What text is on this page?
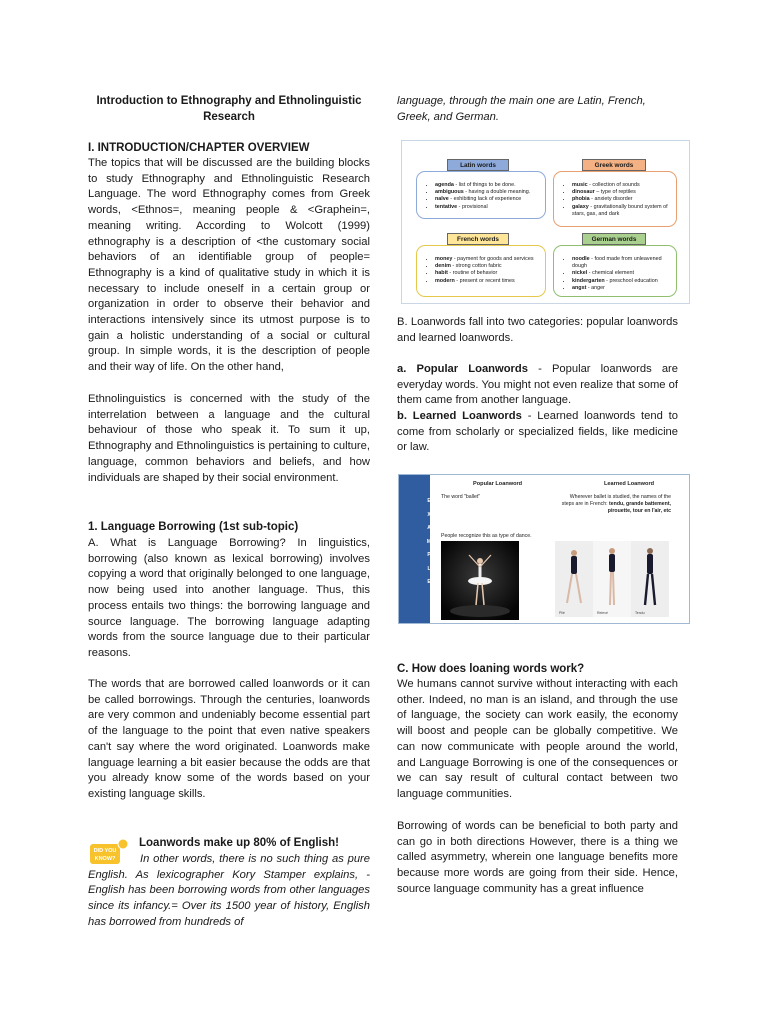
Introduction to Ethnography and Ethnolinguistic Research
I. INTRODUCTION/CHAPTER OVERVIEW
The topics that will be discussed are the building blocks to study Ethnography and Ethnolinguistic Research Language. The word Ethnography comes from Greek words, <Ethnos=, meaning people & <Graphein=, meaning writing. According to Wolcott (1999) ethnography is a description of <the customary social behaviors of an identifiable group of people= Ethnography is a kind of qualitative study in which it is necessary to include oneself in a certain group or organization in order to observe their behavior and interactions intensively since its utmost purpose is to gain a holistic understanding of a social or cultural group. In simple words, it is the description of people and their way of life. On the other hand,
Ethnolinguistics is concerned with the study of the interrelation between a language and the cultural behaviour of those who speak it. To sum it up, Ethnography and Ethnolinguistics is pertaining to culture, language, common behaviors and beliefs, and how individuals are shaped by their social environment.
1. Language Borrowing (1st sub-topic)
A. What is Language Borrowing? In linguistics, borrowing (also known as lexical borrowing) involves copying a word that originally belonged to one language, now being used into another language. Thus, this process entails two things: the borrowing language and source language. The borrowing language adapting words from the source language due to their particular reasons.
The words that are borrowed called loanwords or it can be called borrowings. Through the centuries, loanwords are very common and undeniably become essential part of the language to the point that even native speakers can't say where the word originated. Loanwords make language learning a bit easier because the odds are that you already know some of the words based on your existing language skills.
DID YOU
KNOW?
Loanwords make up 80% of English!
In other words, there is no such thing as pure English. As lexicographer Kory Stamper explains, - English has been borrowing words from other languages since its infancy.= Over its 1500 year of history, English has borrowed from hundreds of
language, through the main one are Latin, French, Greek, and German.
• agenda - list of things to be done.
• ambiguous - having a double meaning.
• naïve - exhibiting lack of experience
• tentative - provisional
Latin words
• music - collection of sounds
• dinosaur – type of reptiles
• phobia - anxiety disorder
• galaxy - gravitationally bound system of stars, gas, and dark
Greek words
• money - payment for goods and services
• denim - strong cotton fabric
• habit - routine of behavior
• modern - present or recent times
French words
• noodle - food made from unleavened dough
• nickel - chemical element
• kindergarten - preschool education
• angst - anger
German words
B. Loanwords fall into two categories: popular loanwords and learned loanwords.
a. Popular Loanwords - Popular loanwords are everyday words. You might not even realize that some of them came from another language.
b. Learned Loanwords - Learned loanwords tend to come from scholarly or specialized fields, like medicine or law.
E
X
A
M
P
L
E
Popular Loanword	Learned Loanword
The word "ballet"	Wherever ballet is studied, the names of the steps are in French: tendu, grande battement, pirouette, tour en l'air, etc
People recognize this as type of dance.
Plié	Relevé	Tendu
C. How does loaning words work?
We humans cannot survive without interacting with each other. Indeed, no man is an island, and through the use of language, the society can work easily, the economy will boost and people can be globally competitive. We can now communicate with people around the world, and Language Borrowing is one of the consequences or we can say result of cultural contact between two language communities.
Borrowing of words can be beneficial to both party and can go in both directions However, there is a thing we called asymmetry, wherein one language benefits more because more words are going from their side. Hence, source language community has a great influence
